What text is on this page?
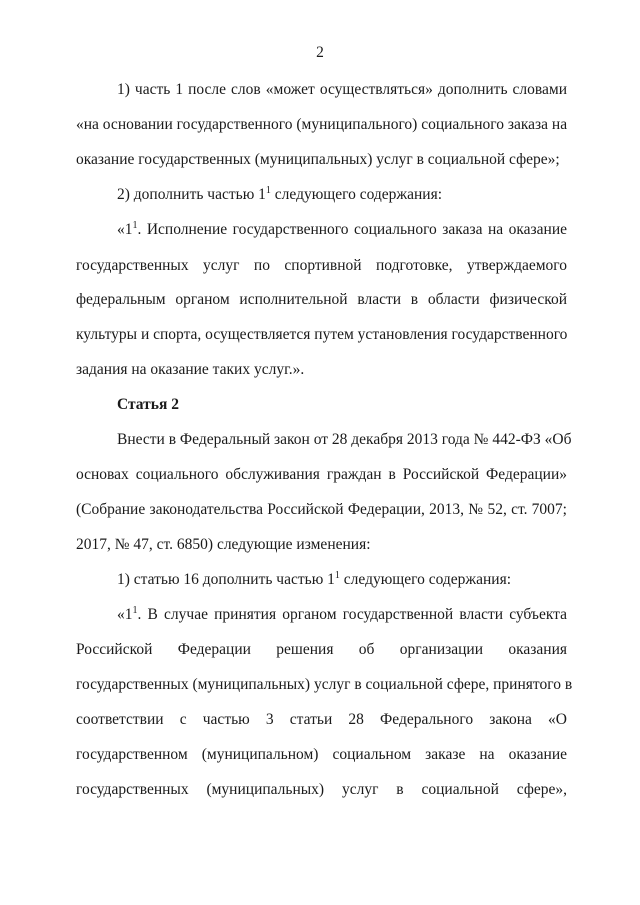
2
1) часть 1 после слов «может осуществляться» дополнить словами
«на основании государственного (муниципального) социального заказа на
оказание государственных (муниципальных) услуг в социальной сфере»;
2) дополнить частью $1^1$ следующего содержания:
«$1^1$. Исполнение государственного социального заказа на оказание
государственных услуг по спортивной подготовке, утверждаемого
федеральным органом исполнительной власти в области физической
культуры и спорта, осуществляется путем установления государственного
задания на оказание таких услуг.».
Статья 2
Внести в Федеральный закон от 28 декабря 2013 года № 442-ФЗ «Об
основах социального обслуживания граждан в Российской Федерации»
(Собрание законодательства Российской Федерации, 2013, № 52, ст. 7007;
2017, № 47, ст. 6850) следующие изменения:
1) статью 16 дополнить частью $1^1$ следующего содержания:
«$1^1$. В случае принятия органом государственной власти субъекта
Российской Федерации решения об организации оказания
государственных (муниципальных) услуг в социальной сфере, принятого в
соответствии с частью 3 статьи 28 Федерального закона «О
государственном (муниципальном) социальном заказе на оказание
государственных (муниципальных) услуг в социальной сфере»,
